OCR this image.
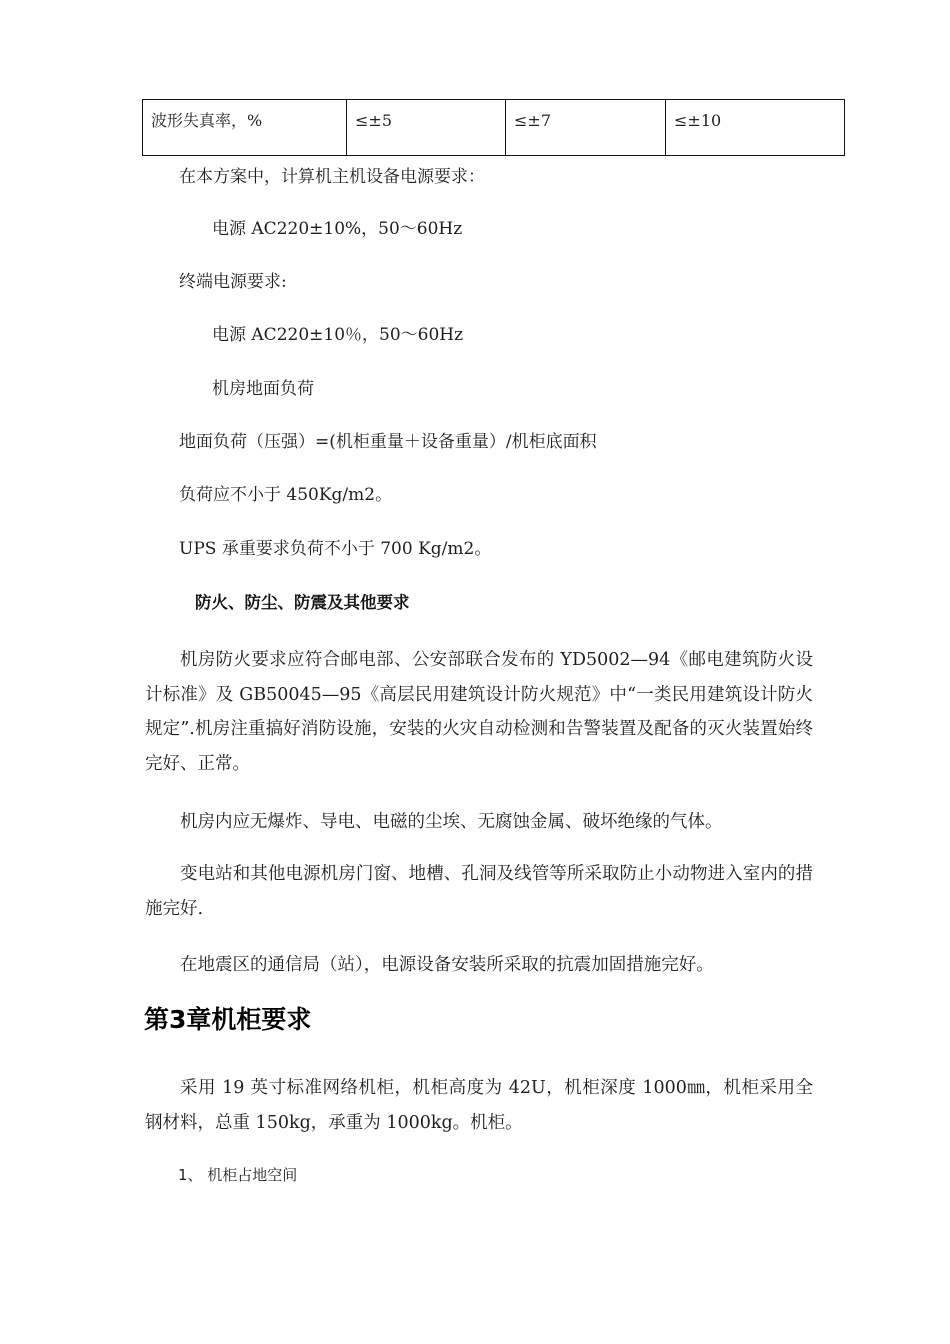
波形失真率，%	≤±5	≤±7	≤±10
在本方案中，计算机主机设备电源要求：
电源 AC220±10%，50～60Hz
终端电源要求:
电源 AC220±10％，50～60Hz
机房地面负荷
地面负荷（压强）=(机柜重量＋设备重量）/机柜底面积
负荷应不小于 450Kg/m2。
UPS 承重要求负荷不小于 700 Kg/m2。
防火、防尘、防震及其他要求
机房防火要求应符合邮电部、公安部联合发布的 YD5002—94《邮电建筑防火设计标准》及 GB50045—95《高层民用建筑设计防火规范》中“一类民用建筑设计防火规定”.机房注重搞好消防设施，安装的火灾自动检测和告警装置及配备的灭火装置始终完好、正常。
机房内应无爆炸、导电、电磁的尘埃、无腐蚀金属、破坏绝缘的气体。
变电站和其他电源机房门窗、地槽、孔洞及线管等所采取防止小动物进入室内的措施完好.
在地震区的通信局（站），电源设备安装所采取的抗震加固措施完好。
第3章机柜要求
采用 19 英寸标准网络机柜，机柜高度为 42U，机柜深度 1000㎜，机柜采用全钢材料，总重 150kg，承重为 1000kg。机柜。
1、 机柜占地空间
